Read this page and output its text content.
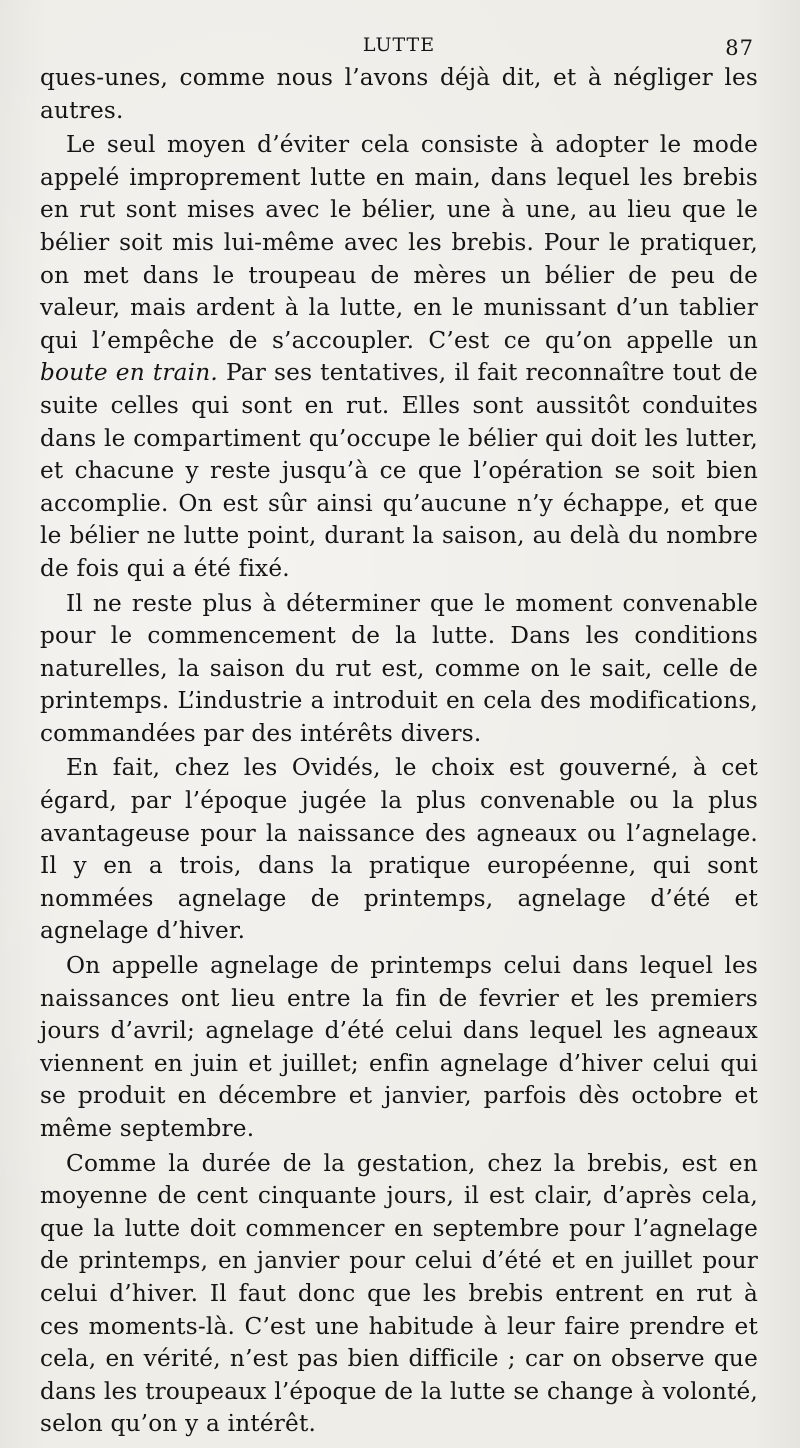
LUTTE	87

ques-unes, comme nous l’avons déjà dit, et à négliger les autres.

Le seul moyen d’éviter cela consiste à adopter le mode appelé improprement lutte en main, dans lequel les brebis en rut sont mises avec le bélier, une à une, au lieu que le bélier soit mis lui-même avec les brebis. Pour le pratiquer, on met dans le troupeau de mères un bélier de peu de valeur, mais ardent à la lutte, en le munissant d’un tablier qui l’empêche de s’accoupler. C’est ce qu’on appelle un boute en train. Par ses tentatives, il fait reconnaître tout de suite celles qui sont en rut. Elles sont aussitôt conduites dans le compartiment qu’occupe le bélier qui doit les lutter, et chacune y reste jusqu’à ce que l’opération se soit bien accomplie. On est sûr ainsi qu’aucune n’y échappe, et que le bélier ne lutte point, durant la saison, au delà du nombre de fois qui a été fixé.

Il ne reste plus à déterminer que le moment convenable pour le commencement de la lutte. Dans les conditions naturelles, la saison du rut est, comme on le sait, celle de printemps. L’industrie a introduit en cela des modifications, commandées par des intérêts divers.

En fait, chez les Ovidés, le choix est gouverné, à cet égard, par l’époque jugée la plus convenable ou la plus avantageuse pour la naissance des agneaux ou l’agnelage. Il y en a trois, dans la pratique européenne, qui sont nommées agnelage de printemps, agnelage d’été et agnelage d’hiver.

On appelle agnelage de printemps celui dans lequel les naissances ont lieu entre la fin de fevrier et les premiers jours d’avril; agnelage d’été celui dans lequel les agneaux viennent en juin et juillet; enfin agnelage d’hiver celui qui se produit en décembre et janvier, parfois dès octobre et même septembre.

Comme la durée de la gestation, chez la brebis, est en moyenne de cent cinquante jours, il est clair, d’après cela, que la lutte doit commencer en septembre pour l’agnelage de printemps, en janvier pour celui d’été et en juillet pour celui d’hiver. Il faut donc que les brebis entrent en rut à ces moments-là. C’est une habitude à leur faire prendre et cela, en vérité, n’est pas bien difficile ; car on observe que dans les troupeaux l’époque de la lutte se change à volonté, selon qu’on y a intérêt.
